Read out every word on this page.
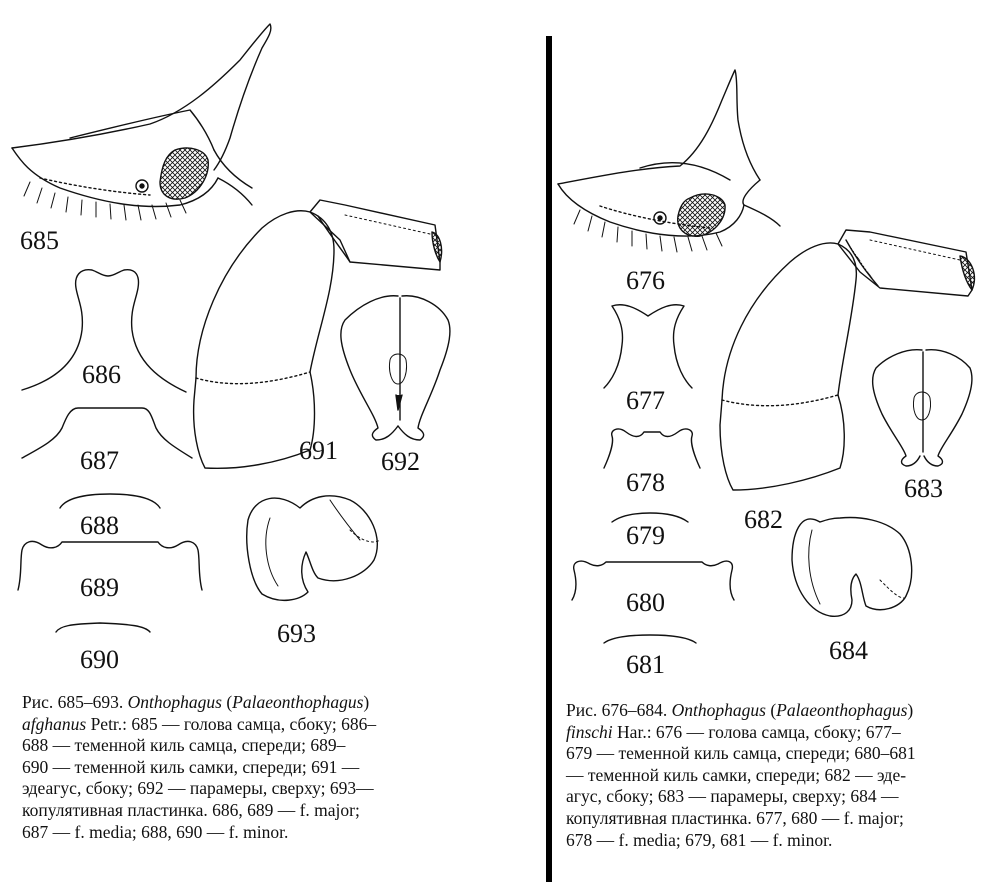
685
686
687
688
689
690
691 692
693
676
677
678
679
680
681
682
683
684
Рис. 685–693. Onthophagus (Palaeonthophagus)
afghanus Petr.: 685 — голова самца, сбоку; 686–
688 — теменной киль самца, спереди; 689–
690 — теменной киль самки, спереди; 691 —
эдеагус, сбоку; 692 — парамеры, сверху; 693—
копулятивная пластинка. 686, 689 — f. major;
687 — f. media; 688, 690 — f. minor.
Рис. 676–684. Onthophagus (Palaeonthophagus)
finschi Har.: 676 — голова самца, сбоку; 677–
679 — теменной киль самца, спереди; 680–681
— теменной киль самки, спереди; 682 — эде-
агус, сбоку; 683 — парамеры, сверху; 684 —
копулятивная пластинка. 677, 680 — f. major;
678 — f. media; 679, 681 — f. minor.
